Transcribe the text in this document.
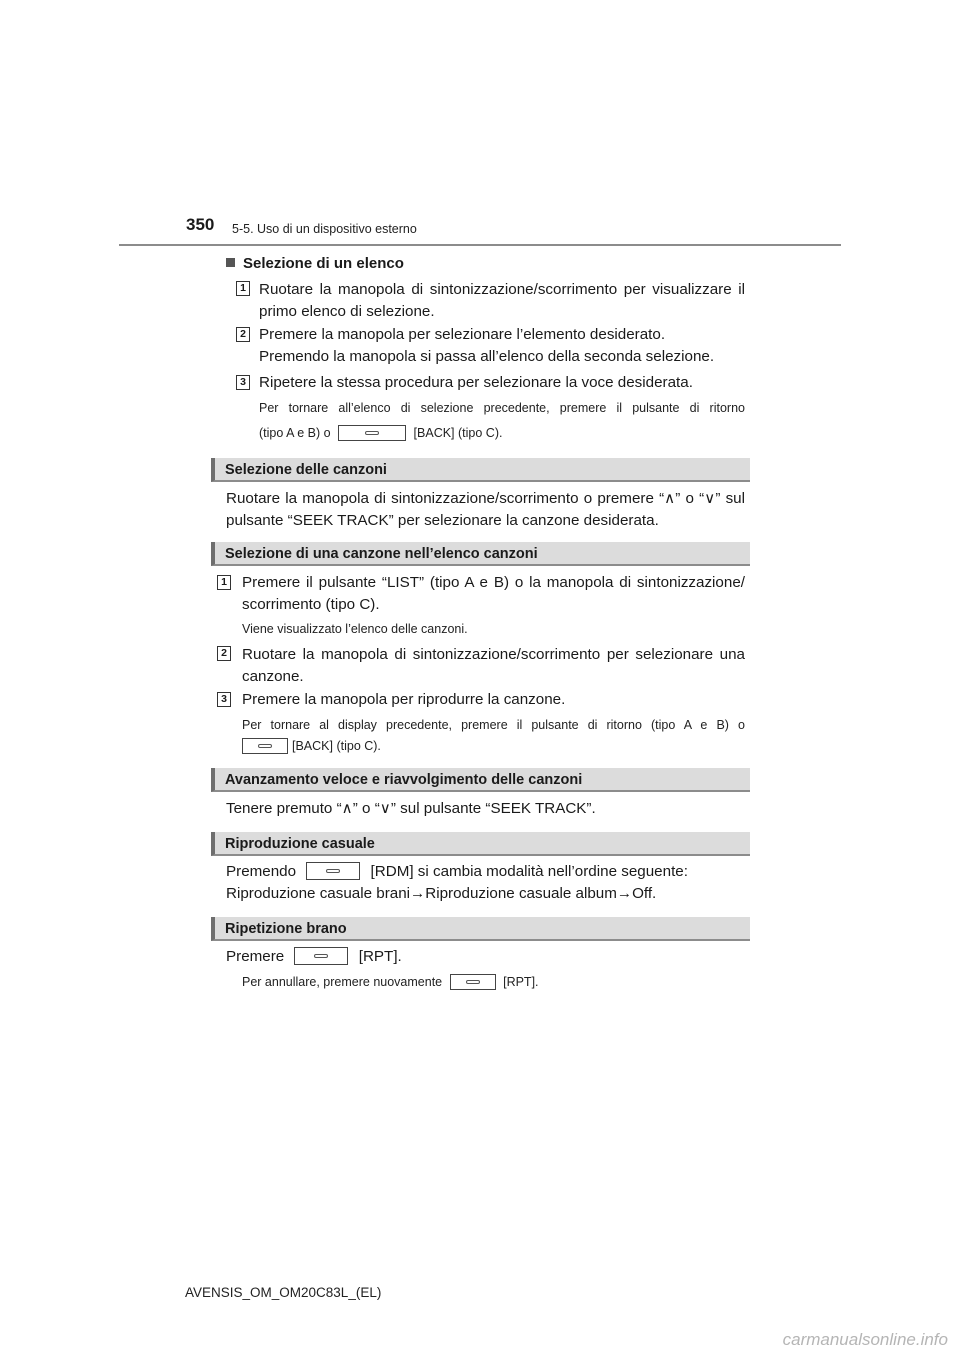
350 5-5. Uso di un dispositivo esterno
Selezione di un elenco
1 Ruotare la manopola di sintonizzazione/scorrimento per visualizzare il
primo elenco di selezione.
2 Premere la manopola per selezionare l’elemento desiderato.
Premendo la manopola si passa all’elenco della seconda selezione.
3 Ripetere la stessa procedura per selezionare la voce desiderata.
Per tornare all’elenco di selezione precedente, premere il pulsante di ritorno
(tipo A e B) o	[BACK] (tipo C).
Selezione delle canzoni
Ruotare la manopola di sintonizzazione/scorrimento o premere “∧” o “∨” sul
pulsante “SEEK TRACK” per selezionare la canzone desiderata.
Selezione di una canzone nell’elenco canzoni
1 Premere il pulsante “LIST” (tipo A e B) o la manopola di sintonizzazione/
scorrimento (tipo C).
Viene visualizzato l’elenco delle canzoni.
2 Ruotare la manopola di sintonizzazione/scorrimento per selezionare una
canzone.
3 Premere la manopola per riprodurre la canzone.
Per tornare al display precedente, premere il pulsante di ritorno (tipo A e B) o
[BACK] (tipo C).
Avanzamento veloce e riavvolgimento delle canzoni
Tenere premuto “∧” o “∨” sul pulsante “SEEK TRACK”.
Riproduzione casuale
Premendo	[RDM] si cambia modalità nell’ordine seguente:
Riproduzione casuale brani→Riproduzione casuale album→Off.
Ripetizione brano
Premere	[RPT].
Per annullare, premere nuovamente	[RPT].
AVENSIS_OM_OM20C83L_(EL)
carmanualsonline.info
